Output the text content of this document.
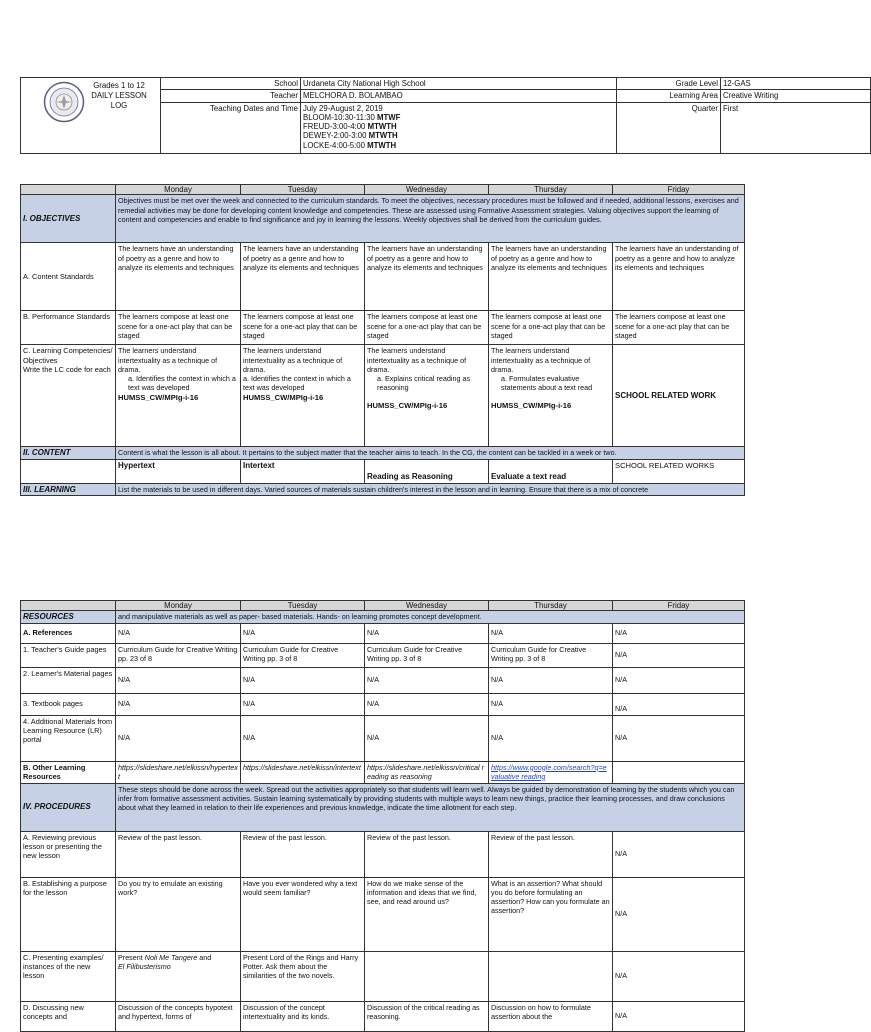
Grades 1 to 12
DAILY LESSON
LOG	School	Urdaneta City National High School	Grade Level	12-GAS
	Teacher	MELCHORA D. BOLAMBAO	Learning Area	Creative Writing
	Teaching Dates and Time	July 29-August 2, 2019
BLOOM-10:30-11:30 MTWF
FREUD-3:00-4:00 MTWTH
DEWEY-2:00-3:00 MTWTH
LOCKE-4:00-5:00 MTWTH	Quarter	First
	Monday	Tuesday	Wednesday	Thursday	Friday
I. OBJECTIVES	Objectives must be met over the week and connected to the curriculum standards. To meet the objectives, necessary procedures must be followed and if needed, additional lessons, exercises and remedial activities may be done for developing content knowledge and competencies. These are assessed using Formative Assessment strategies. Valuing objectives support the learning of content and competencies and enable to find significance and joy in learning the lessons. Weekly objectives shall be derived from the curriculum guides.				
A. Content Standards	The learners have an understanding of poetry as a genre and how to analyze its elements and techniques	The learners have an understanding of poetry as a genre and how to analyze its elements and techniques	The learners have an understanding of poetry as a genre and how to analyze its elements and techniques	The learners have an understanding of poetry as a genre and how to analyze its elements and techniques	The learners have an understanding of poetry as a genre and how to analyze its elements and techniques
B. Performance Standards	The learners compose at least one scene for a one-act play that can be staged	The learners compose at least one scene for a one-act play that can be staged	The learners compose at least one scene for a one-act play that can be staged	The learners compose at least one scene for a one-act play that can be staged	The learners compose at least one scene for a one-act play that can be staged

C. Learning Competencies/ Objectives
Write the LC code for each	The learners understand intertextuality as a technique of drama.
a. Identifies the context in which a text was developed
HUMSS_CW/MPIg-i-16	The learners understand intertextuality as a technique of drama.
a. Identifies the context in which a text was developed
HUMSS_CW/MPIg-i-16	The learners understand intertextuality as a technique of drama.
a. Explains critical reading as reasoning
HUMSS_CW/MPIg-i-16	The learners understand intertextuality as a technique of drama.
a. Formulates evaluative statements about a text read
HUMSS_CW/MPIg-i-16	SCHOOL RELATED WORK
II. CONTENT	Content is what the lesson is all about. It pertains to the subject matter that the teacher aims to teach. In the CG, the content can be tackled in a week or two.				
	Hypertext	Intertext	Reading as Reasoning	Evaluate a text read	SCHOOL RELATED WORKS
III. LEARNING	List the materials to be used in different days. Varied sources of materials sustain children's interest in the lesson and in learning. Ensure that there is a mix of concrete				
	Monday	Tuesday	Wednesday	Thursday	Friday
RESOURCES	and manipulative materials as well as paper- based materials. Hands- on learning promotes concept development.				
A. References	N/A	N/A	N/A	N/A	N/A
1. Teacher's Guide pages	Curriculum Guide for Creative Writing pp. 23 of 8	Curriculum Guide for Creative Writing pp. 3 of 8	Curriculum Guide for Creative Writing pp. 3 of 8	Curriculum Guide for Creative Writing pp. 3 of 8	N/A
2. Learner's Material pages	N/A	N/A	N/A	N/A	N/A
3. Textbook pages	N/A	N/A	N/A	N/A	N/A
4. Additional Materials from Learning Resource (LR) portal	N/A	N/A	N/A	N/A	N/A
B. Other Learning Resources	https://slideshare.net/elkissn/hypertext	https://slideshare.net/elkissn/intertext	https://slideshare.net/elkissn/critical reading as reasoning	https://www.google.com/search?q=evaluative reading	
IV. PROCEDURES	These steps should be done across the week. Spread out the activities appropriately so that students will learn well. Always be guided by demonstration of learning by the students which you can infer from formative assessment activities. Sustain learning systematically by providing students with multiple ways to learn new things, practice their learning processes, and draw conclusions about what they learned in relation to their life experiences and previous knowledge, indicate the time allotment for each step.				
A. Reviewing previous lesson or presenting the new lesson	Review of the past lesson.	Review of the past lesson.	Review of the past lesson.	Review of the past lesson.	N/A
B. Establishing a purpose for the lesson	Do you try to emulate an existing work?	Have you ever wondered why a text would seem familiar?	How do we make sense of the information and ideas that we find, see, and read around us?	What is an assertion? What should you do before formulating an assertion? How can you formulate an assertion?	N/A
C. Presenting examples/ instances of the new lesson	Present Noli Me Tangere and
El Filibusterismo	Present Lord of the Rings and Harry Potter. Ask them about the similarities of the two novels.			N/A
D. Discussing new concepts and	Discussion of the concepts hypotext and hypertext, forms of	Discussion of the concept intertextuality and its kinds.	Discussion of the critical reading as reasoning.	Discussion on how to formulate assertion about the	N/A
